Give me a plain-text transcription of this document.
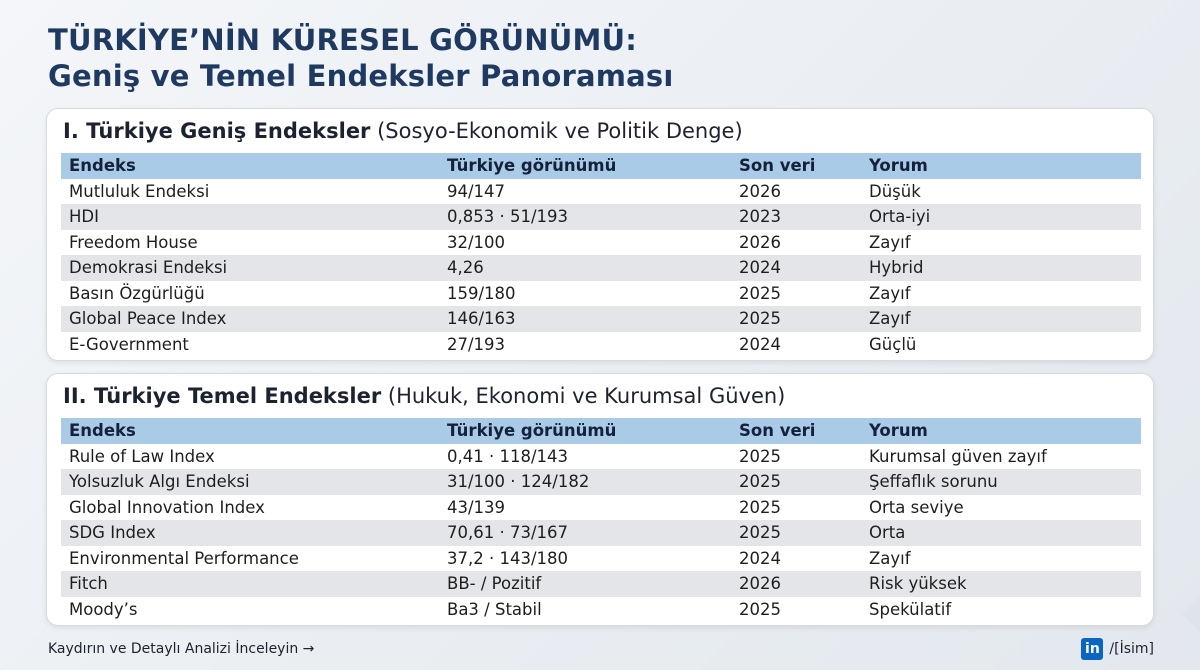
TÜRKİYE’NİN KÜRESEL GÖRÜNÜMÜ:
Geniş ve Temel Endeksler Panoraması
I. Türkiye Geniş Endeksler (Sosyo-Ekonomik ve Politik Denge)
Endeks	Türkiye görünümü	Son veri	Yorum
Mutluluk Endeksi	94/147	2026	Düşük
HDI	0,853 · 51/193	2023	Orta-iyi
Freedom House	32/100	2026	Zayıf
Demokrasi Endeksi	4,26	2024	Hybrid
Basın Özgürlüğü	159/180	2025	Zayıf
Global Peace Index	146/163	2025	Zayıf
E-Government	27/193	2024	Güçlü
II. Türkiye Temel Endeksler (Hukuk, Ekonomi ve Kurumsal Güven)
Endeks	Türkiye görünümü	Son veri	Yorum
Rule of Law Index	0,41 · 118/143	2025	Kurumsal güven zayıf
Yolsuzluk Algı Endeksi	31/100 · 124/182	2025	Şeffaflık sorunu
Global Innovation Index	43/139	2025	Orta seviye
SDG Index	70,61 · 73/167	2025	Orta
Environmental Performance	37,2 · 143/180	2024	Zayıf
Fitch	BB- / Pozitif	2026	Risk yüksek
Moody’s	Ba3 / Stabil	2025	Spekülatif
Kaydırın ve Detaylı Analizi İnceleyin →	in /[İsim]
